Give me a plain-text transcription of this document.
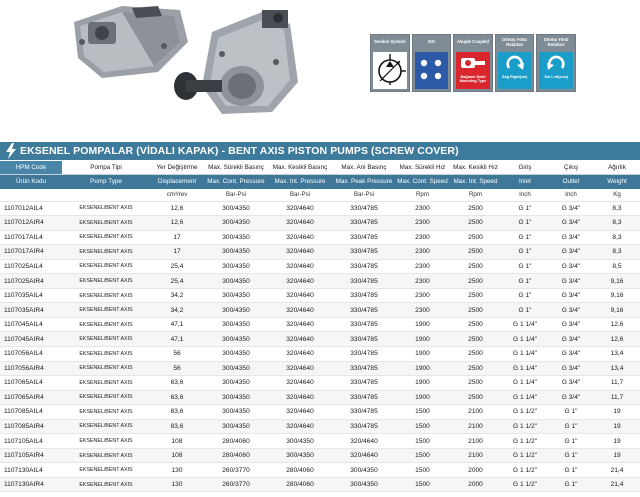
Sembol Symbol	ISO	Akuple Coupled
Bağlantı Şekli Mounting Type
Dönüş Yönü Rotation
Sağ Right(cw)
Dönüş Yönü Rotation
Sol Left(ccw)
EKSENEL POMPALAR (VİDALI KAPAK) - BENT AXIS PISTON PUMPS (SCREW COVER)
HPM Code	Pompa Tipi	Yer Değiştirme	Max. Sürekli Basınç	Max. Kesikli Basınç	Max. Ani Basınç	Max. Sürekli Hız	Max. Kesikli Hız	Giriş	Çıkış	Ağırlık
Ürün Kodu	Pump Type	Displacement	Max. Cont. Pressure	Max. Int. Pressure	Max. Peak Pressure	Max. Cont. Speed	Max. Int. Speed	Inlet	Outlet	Weight
		cm³/rev	Bar-Psi	Bar-Psi	Bar-Psi	Rpm	Rpm	Inch	Inch	Kg
1107012AIL4	EKSENEL/BENT AXIS	12,6	300/4350	320/4640	330/4785	2300	2500	G 1"	G 3/4"	8,3
1107012AIR4	EKSENEL/BENT AXIS	12,6	300/4350	320/4640	330/4785	2300	2500	G 1"	G 3/4"	8,3
1107017AIL4	EKSENEL/BENT AXIS	17	300/4350	320/4640	330/4785	2300	2500	G 1"	G 3/4"	8,3
1107017AIR4	EKSENEL/BENT AXIS	17	300/4350	320/4640	330/4785	2300	2500	G 1"	G 3/4"	8,3
1107025AIL4	EKSENEL/BENT AXIS	25,4	300/4350	320/4640	330/4785	2300	2500	G 1"	G 3/4"	8,5
1107025AIR4	EKSENEL/BENT AXIS	25,4	300/4350	320/4640	330/4785	2300	2500	G 1"	G 3/4"	9,16
1107035AIL4	EKSENEL/BENT AXIS	34,2	300/4350	320/4640	330/4785	2300	2500	G 1"	G 3/4"	9,16
1107035AIR4	EKSENEL/BENT AXIS	34,2	300/4350	320/4640	330/4785	2300	2500	G 1"	G 3/4"	9,16
1107045AIL4	EKSENEL/BENT AXIS	47,1	300/4350	320/4640	330/4785	1900	2500	G 1 1/4"	G 3/4"	12,6
1107045AIR4	EKSENEL/BENT AXIS	47,1	300/4350	320/4640	330/4785	1900	2500	G 1 1/4"	G 3/4"	12,6
1107056AIL4	EKSENEL/BENT AXIS	56	300/4350	320/4640	330/4785	1900	2500	G 1 1/4"	G 3/4"	13,4
1107056AIR4	EKSENEL/BENT AXIS	56	300/4350	320/4640	330/4785	1900	2500	G 1 1/4"	G 3/4"	13,4
1107065AIL4	EKSENEL/BENT AXIS	63,6	300/4350	320/4640	330/4785	1900	2500	G 1 1/4"	G 3/4"	11,7
1107065AIR4	EKSENEL/BENT AXIS	63,6	300/4350	320/4640	330/4785	1900	2500	G 1 1/4"	G 3/4"	11,7
1107085AIL4	EKSENEL/BENT AXIS	83,6	300/4350	320/4640	330/4785	1500	2100	G 1 1/2"	G 1"	19
1107085AIR4	EKSENEL/BENT AXIS	83,6	300/4350	320/4640	330/4785	1500	2100	G 1 1/2"	G 1"	19
1107105AIL4	EKSENEL/BENT AXIS	108	280/4060	300/4350	320/4640	1500	2100	G 1 1/2"	G 1"	19
1107105AIR4	EKSENEL/BENT AXIS	108	280/4060	300/4350	320/4640	1500	2100	G 1 1/2"	G 1"	19
1107130AIL4	EKSENEL/BENT AXIS	130	260/3770	280/4060	300/4350	1500	2000	G 1 1/2"	G 1"	21,4
1107130AIR4	EKSENEL/BENT AXIS	130	260/3770	280/4060	300/4350	1500	2000	G 1 1/2"	G 1"	21,4
